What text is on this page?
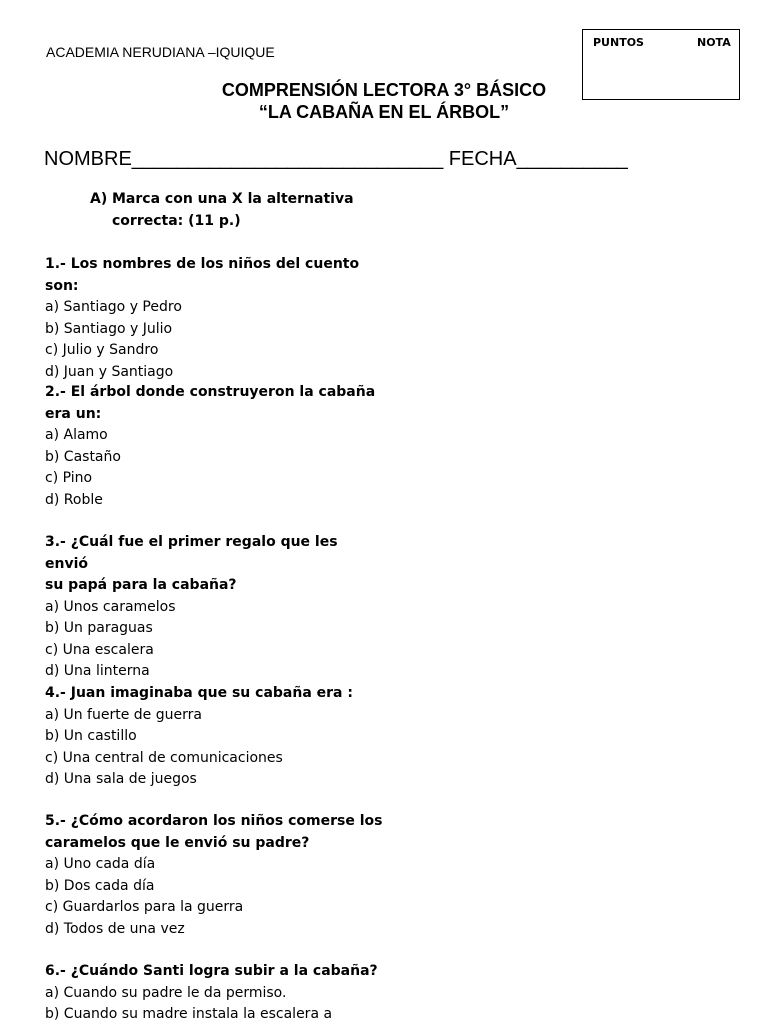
ACADEMIA NERUDIANA –IQUIQUE
PUNTOS	NOTA
COMPRENSIÓN LECTORA 3° BÁSICO
“LA CABAÑA EN EL ÁRBOL”
NOMBRE____________________________ FECHA__________
A) Marca con una X la alternativa
correcta: (11 p.)
1.- Los nombres de los niños del cuento son:
a) Santiago y Pedro
b) Santiago y Julio
c) Julio y Sandro
d) Juan y Santiago
2.- El árbol donde construyeron la cabaña
era un:
a) Alamo
b) Castaño
c) Pino
d) Roble
3.- ¿Cuál fue el primer regalo que les envió
su papá para la cabaña?
a) Unos caramelos
b) Un paraguas
c) Una escalera
d) Una linterna
4.- Juan imaginaba que su cabaña era :
a) Un fuerte de guerra
b) Un castillo
c) Una central de comunicaciones
d) Una sala de juegos
5.- ¿Cómo acordaron los niños comerse los
caramelos que le envió su padre?
a) Uno cada día
b) Dos cada día
c) Guardarlos para la guerra
d) Todos de una vez
6.- ¿Cuándo Santi logra subir a la cabaña?
a) Cuando su padre le da permiso.
b) Cuando su madre instala la escalera a
